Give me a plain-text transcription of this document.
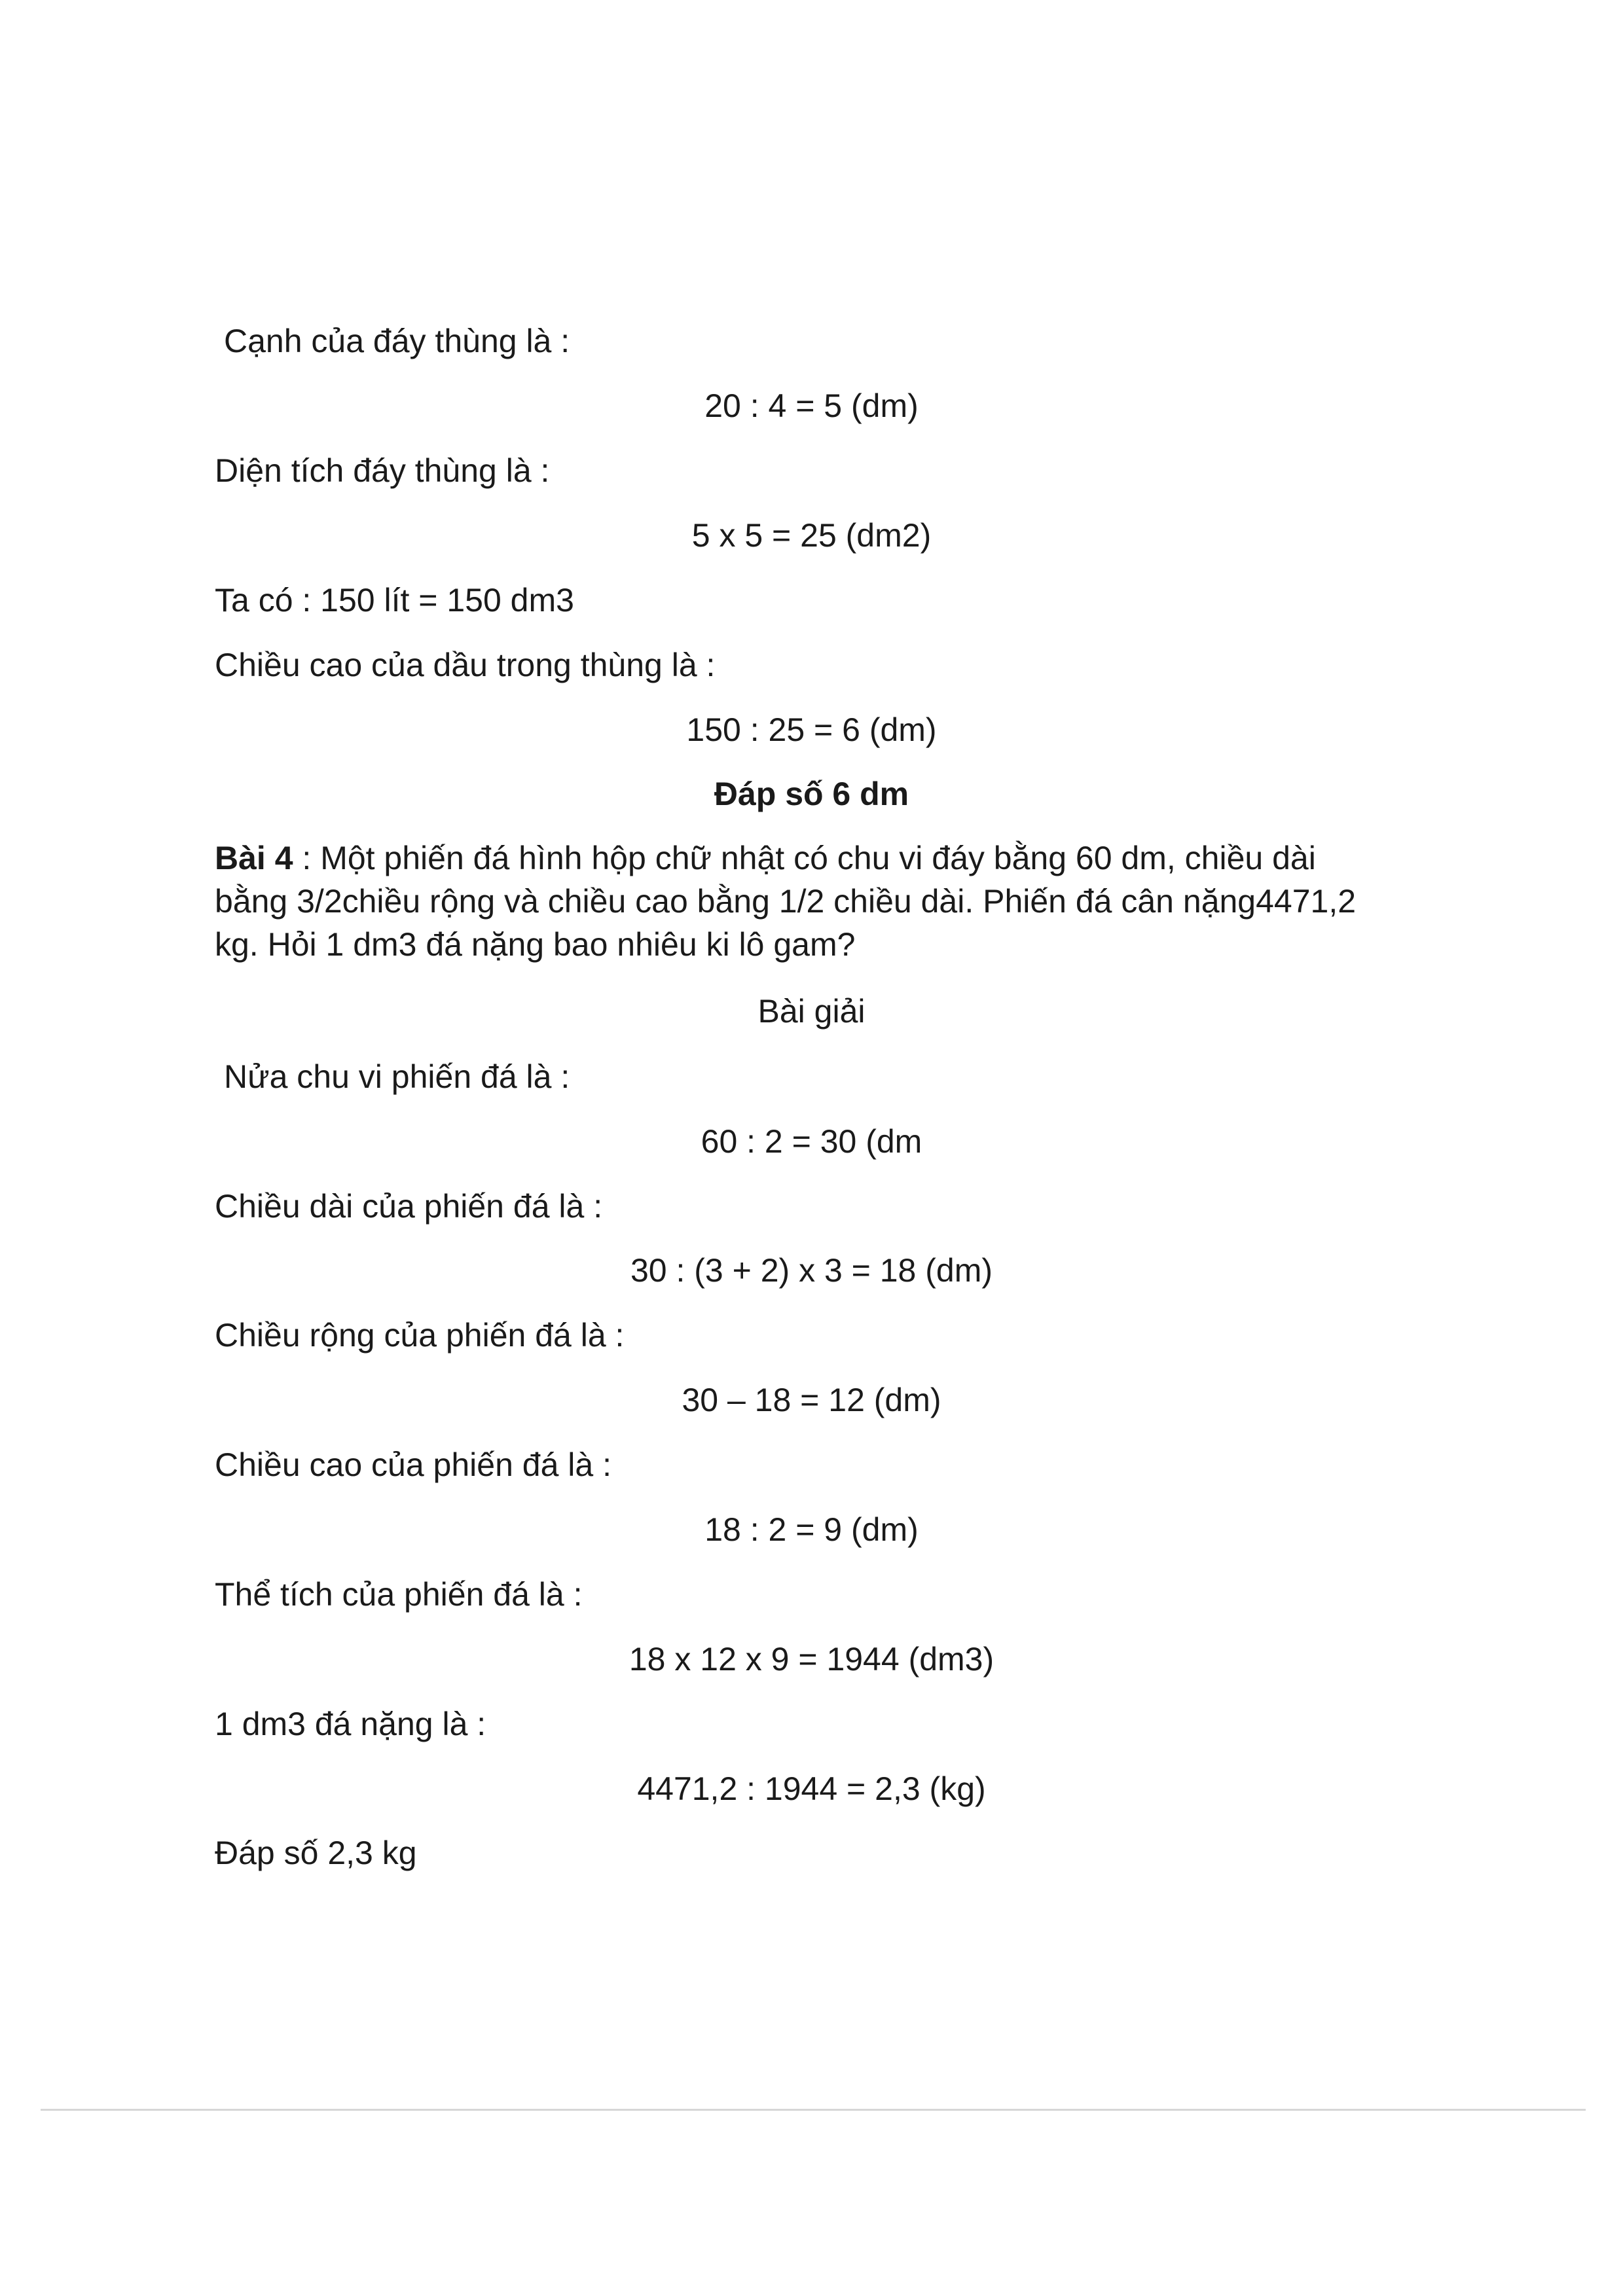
Cạnh của đáy thùng là :
20 : 4 = 5 (dm)
Diện tích đáy thùng là :
5 x 5 = 25 (dm2)
Ta có : 150 lít = 150 dm3
Chiều cao của dầu trong thùng là :
150 : 25 = 6 (dm)
Đáp số 6 dm
Bài 4 : Một phiến đá hình hộp chữ nhật có chu vi đáy bằng 60 dm, chiều dài bằng 3/2chiều rộng và chiều cao bằng 1/2 chiều dài. Phiến đá cân nặng4471,2 kg. Hỏi 1 dm3 đá nặng bao nhiêu ki lô gam?
Bài giải
Nửa chu vi phiến đá là :
60 : 2 = 30 (dm
Chiều dài của phiến đá là :
30 : (3 + 2) x 3 = 18 (dm)
Chiều rộng của phiến đá là :
30 – 18 = 12 (dm)
Chiều cao của phiến đá là :
18 : 2 = 9 (dm)
Thể tích của phiến đá là :
18 x 12 x 9 = 1944 (dm3)
1 dm3 đá nặng là :
4471,2 : 1944 = 2,3 (kg)
Đáp số 2,3 kg
